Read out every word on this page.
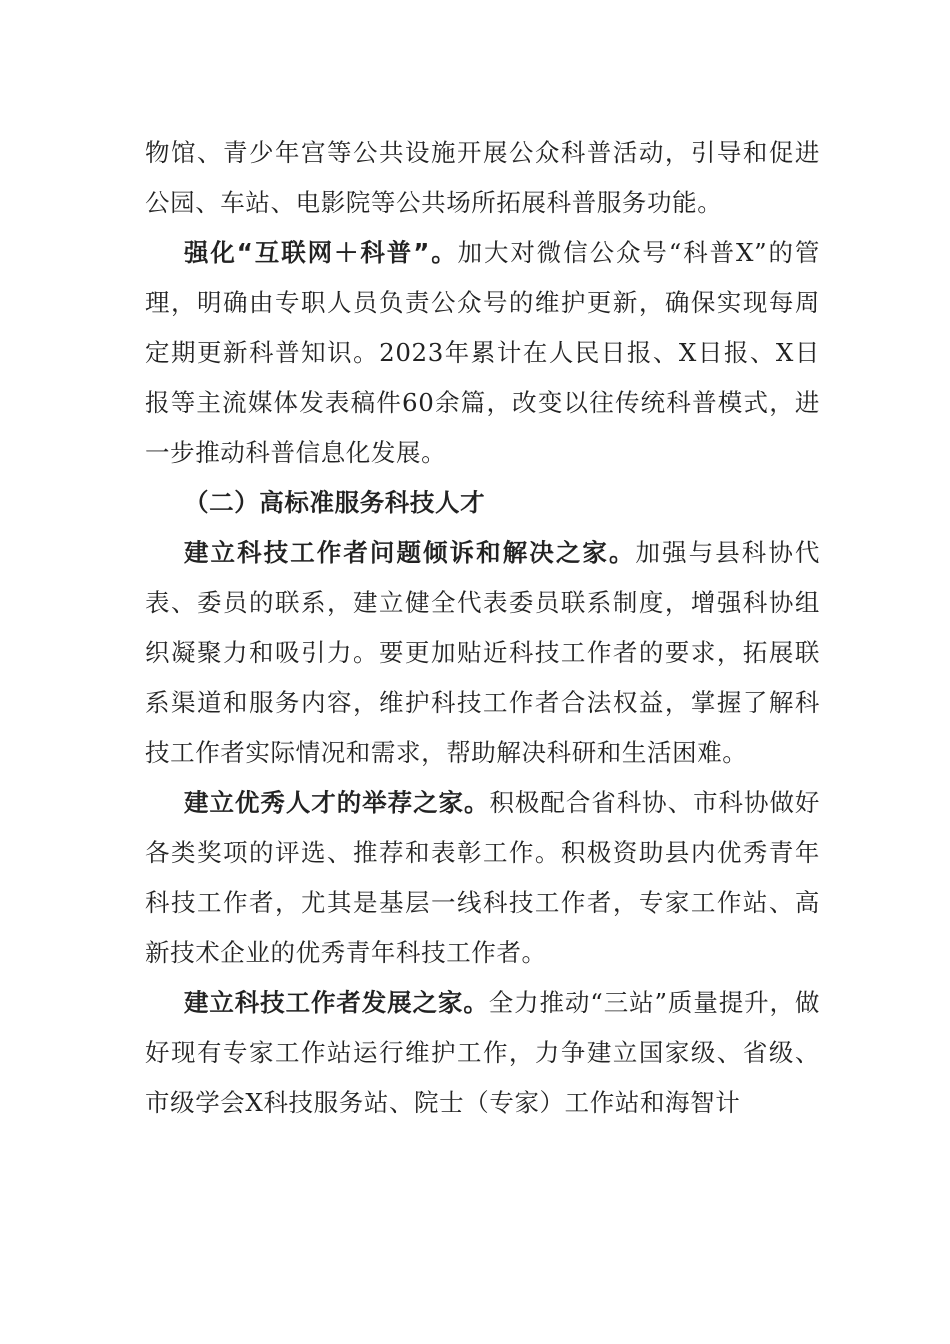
物馆、青少年宫等公共设施开展公众科普活动，引导和促进公园、车站、电影院等公共场所拓展科普服务功能。

强化“互联网＋科普”。加大对微信公众号“科普X”的管理，明确由专职人员负责公众号的维护更新，确保实现每周定期更新科普知识。2023年累计在人民日报、X日报、X日报等主流媒体发表稿件60余篇，改变以往传统科普模式，进一步推动科普信息化发展。

（二）高标准服务科技人才

建立科技工作者问题倾诉和解决之家。加强与县科协代表、委员的联系，建立健全代表委员联系制度，增强科协组织凝聚力和吸引力。要更加贴近科技工作者的要求，拓展联系渠道和服务内容，维护科技工作者合法权益，掌握了解科技工作者实际情况和需求，帮助解决科研和生活困难。

建立优秀人才的举荐之家。积极配合省科协、市科协做好各类奖项的评选、推荐和表彰工作。积极资助县内优秀青年科技工作者，尤其是基层一线科技工作者，专家工作站、高新技术企业的优秀青年科技工作者。

建立科技工作者发展之家。全力推动“三站”质量提升，做好现有专家工作站运行维护工作，力争建立国家级、省级、市级学会X科技服务站、院士（专家）工作站和海智计
